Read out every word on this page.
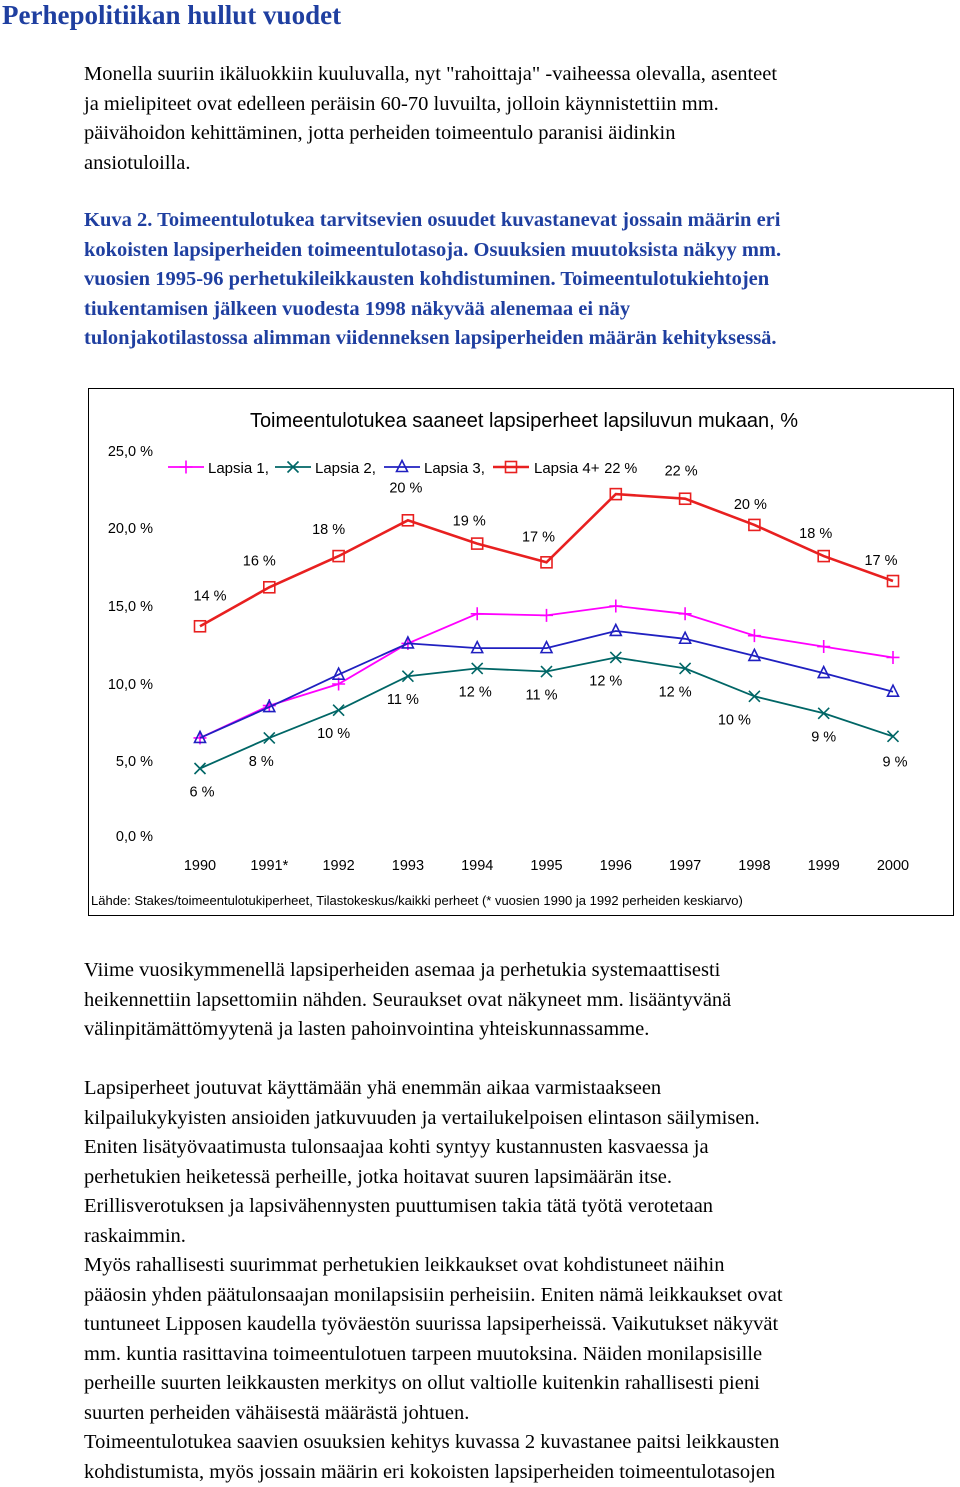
Perhepolitiikan hullut vuodet

Monella suuriin ikäluokkiin kuuluvalla, nyt "rahoittaja" -vaiheessa olevalla, asenteet
ja mielipiteet ovat edelleen peräisin 60-70 luvuilta, jolloin käynnistettiin mm.
päivähoidon kehittäminen, jotta perheiden toimeentulo paranisi äidinkin
ansiotuloilla.

Kuva 2. Toimeentulotukea tarvitsevien osuudet kuvastanevat jossain määrin eri
kokoisten lapsiperheiden toimeentulotasoja. Osuuksien muutoksista näkyy mm.
vuosien 1995-96 perhetukileikkausten kohdistuminen. Toimeentulotukiehtojen
tiukentamisen jälkeen vuodesta 1998 näkyvää alenemaa ei näy
tulonjakotilastossa alimman viidenneksen lapsiperheiden määrän kehityksessä.

Toimeentulotukea saaneet lapsiperheet lapsiluvun mukaan, %
0,0 %
5,0 %
10,0 %
15,0 %
20,0 %
25,0 %
1990 1991* 1992	1993	1994	1995	1996	1997	1998	1999	2000
14 %
16 %
18 %
20 %
19 %
17 %
22 % 22 %
20 %
18 %
17 %
6 %
8 %
10 %
11 %	12 % 11 %
12 %
12 %
10 %
9 %
9 %
Lapsia 1,	Lapsia 2,	Lapsia 3,	Lapsia 4+
Lähde: Stakes/toimeentulotukiperheet, Tilastokeskus/kaikki perheet (* vuosien 1990 ja 1992 perheiden keskiarvo)

Viime vuosikymmenellä lapsiperheiden asemaa ja perhetukia systemaattisesti
heikennettiin lapsettomiin nähden. Seuraukset ovat näkyneet mm. lisääntyvänä
välinpitämättömyytenä ja lasten pahoinvointina yhteiskunnassamme.

Lapsiperheet joutuvat käyttämään yhä enemmän aikaa varmistaakseen
kilpailukykyisten ansioiden jatkuvuuden ja vertailukelpoisen elintason säilymisen.
Eniten lisätyövaatimusta tulonsaajaa kohti syntyy kustannusten kasvaessa ja
perhetukien heiketessä perheille, jotka hoitavat suuren lapsimäärän itse.
Erillisverotuksen ja lapsivähennysten puuttumisen takia tätä työtä verotetaan
raskaimmin.
Myös rahallisesti suurimmat perhetukien leikkaukset ovat kohdistuneet näihin
pääosin yhden päätulonsaajan monilapsisiin perheisiin. Eniten nämä leikkaukset ovat
tuntuneet Lipposen kaudella työväestön suurissa lapsiperheissä. Vaikutukset näkyvät
mm. kuntia rasittavina toimeentulotuen tarpeen muutoksina. Näiden monilapsisille
perheille suurten leikkausten merkitys on ollut valtiolle kuitenkin rahallisesti pieni
suurten perheiden vähäisestä määrästä johtuen.
Toimeentulotukea saavien osuuksien kehitys kuvassa 2 kuvastanee paitsi leikkausten
kohdistumista, myös jossain määrin eri kokoisten lapsiperheiden toimeentulotasojen
